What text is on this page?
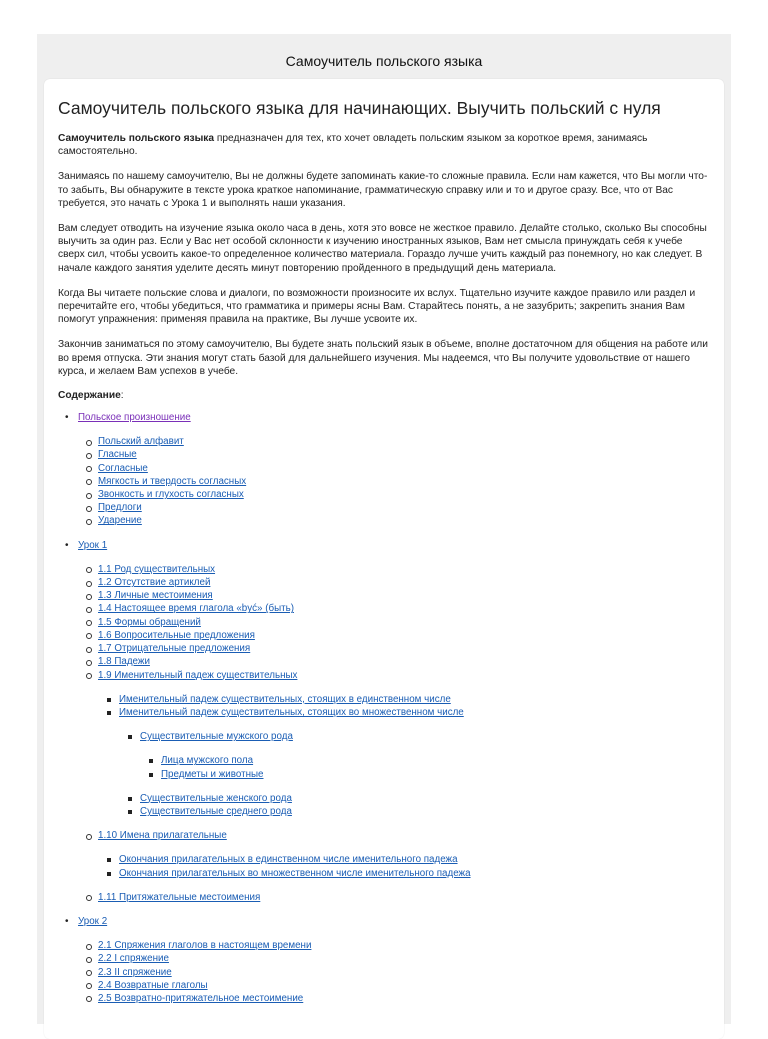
Самоучитель польского языка
Самоучитель польского языка для начинающих. Выучить польский с нуля

Самоучитель польского языка предназначен для тех, кто хочет овладеть польским языком за короткое время, занимаясь самостоятельно.

Занимаясь по нашему самоучителю, Вы не должны будете запоминать какие-то сложные правила. Если нам кажется, что Вы могли что-то забыть, Вы обнаружите в тексте урока краткое напоминание, грамматическую справку или и то и другое сразу. Все, что от Вас требуется, это начать с Урока 1 и выполнять наши указания.

Вам следует отводить на изучение языка около часа в день, хотя это вовсе не жесткое правило. Делайте столько, сколько Вы способны выучить за один раз. Если у Вас нет особой склонности к изучению иностранных языков, Вам нет смысла принуждать себя к учебе сверх сил, чтобы усвоить какое-то определенное количество материала. Гораздо лучше учить каждый раз понемногу, но как следует. В начале каждого занятия уделите десять минут повторению пройденного в предыдущий день материала.

Когда Вы читаете польские слова и диалоги, по возможности произносите их вслух. Тщательно изучите каждое правило или раздел и перечитайте его, чтобы убедиться, что грамматика и примеры ясны Вам. Старайтесь понять, а не зазубрить; закрепить знания Вам помогут упражнения: применяя правила на практике, Вы лучше усвоите их.

Закончив заниматься по этому самоучителю, Вы будете знать польский язык в объеме, вполне достаточном для общения на работе или во время отпуска. Эти знания могут стать базой для дальнейшего изучения. Мы надеемся, что Вы получите удовольствие от нашего курса, и желаем Вам успехов в учебе.

Содержание:
• Польское произношение
Польский алфавит
Гласные
Согласные
Мягкость и твердость согласных
Звонкость и глухость согласных
Предлоги
Ударение
• Урок 1
1.1 Род существительных
1.2 Отсутствие артиклей
1.3 Личные местоимения
1.4 Настоящее время глагола «być» (быть)
1.5 Формы обращений
1.6 Вопросительные предложения
1.7 Отрицательные предложения
1.8 Падежи
1.9 Именительный падеж существительных
Именительный падеж существительных, стоящих в единственном числе
Именительный падеж существительных, стоящих во множественном числе
Существительные мужского рода
Лица мужского пола
Предметы и животные
Существительные женского рода
Существительные среднего рода
1.10 Имена прилагательные
Окончания прилагательных в единственном числе именительного падежа
Окончания прилагательных во множественном числе именительного падежа
1.11 Притяжательные местоимения
• Урок 2
2.1 Спряжения глаголов в настоящем времени
2.2 I спряжение
2.3 II спряжение
2.4 Возвратные глаголы
2.5 Возвратно-притяжательное местоимение
